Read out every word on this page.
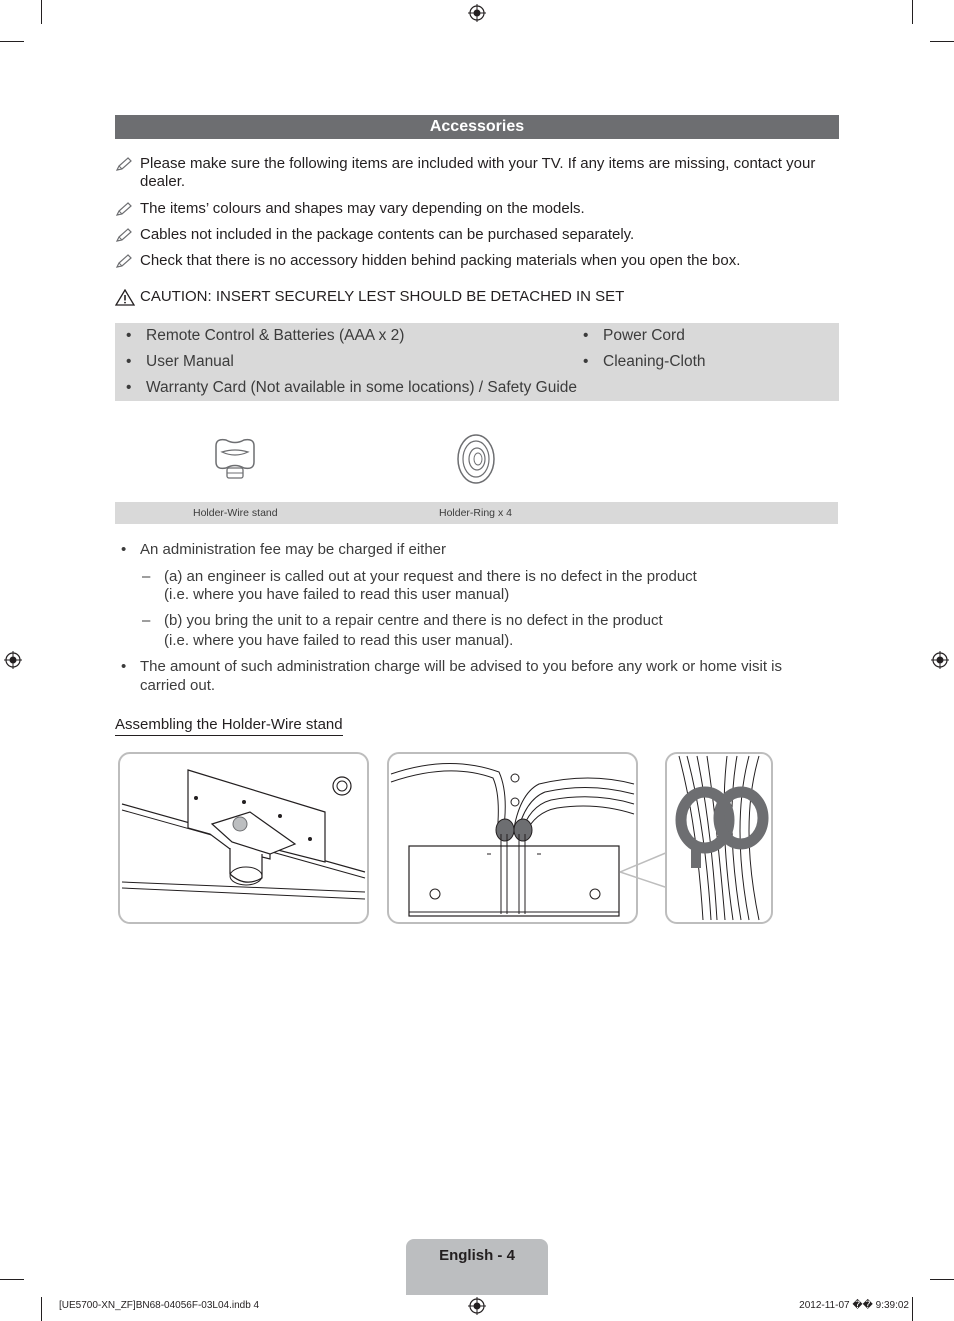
Accessories
Please make sure the following items are included with your TV. If any items are missing, contact your
dealer.
The items’ colours and shapes may vary depending on the models.
Cables not included in the package contents can be purchased separately.
Check that there is no accessory hidden behind packing materials when you open the box.
CAUTION: INSERT SECURELY LEST SHOULD BE DETACHED IN SET
• Remote Control & Batteries (AAA x 2)
• User Manual
• Warranty Card (Not available in some locations) / Safety Guide
• Power Cord
• Cleaning-Cloth
Holder-Wire stand	Holder-Ring x 4
• An administration fee may be charged if either
– (a) an engineer is called out at your request and there is no defect in the product
(i.e. where you have failed to read this user manual)
– (b) you bring the unit to a repair centre and there is no defect in the product
(i.e. where you have failed to read this user manual).
• The amount of such administration charge will be advised to you before any work or home visit is
carried out.
Assembling the Holder-Wire stand
English - 4
[UE5700-XN_ZF]BN68-04056F-03L04.indb 4	2012-11-07 �� 9:39:02
